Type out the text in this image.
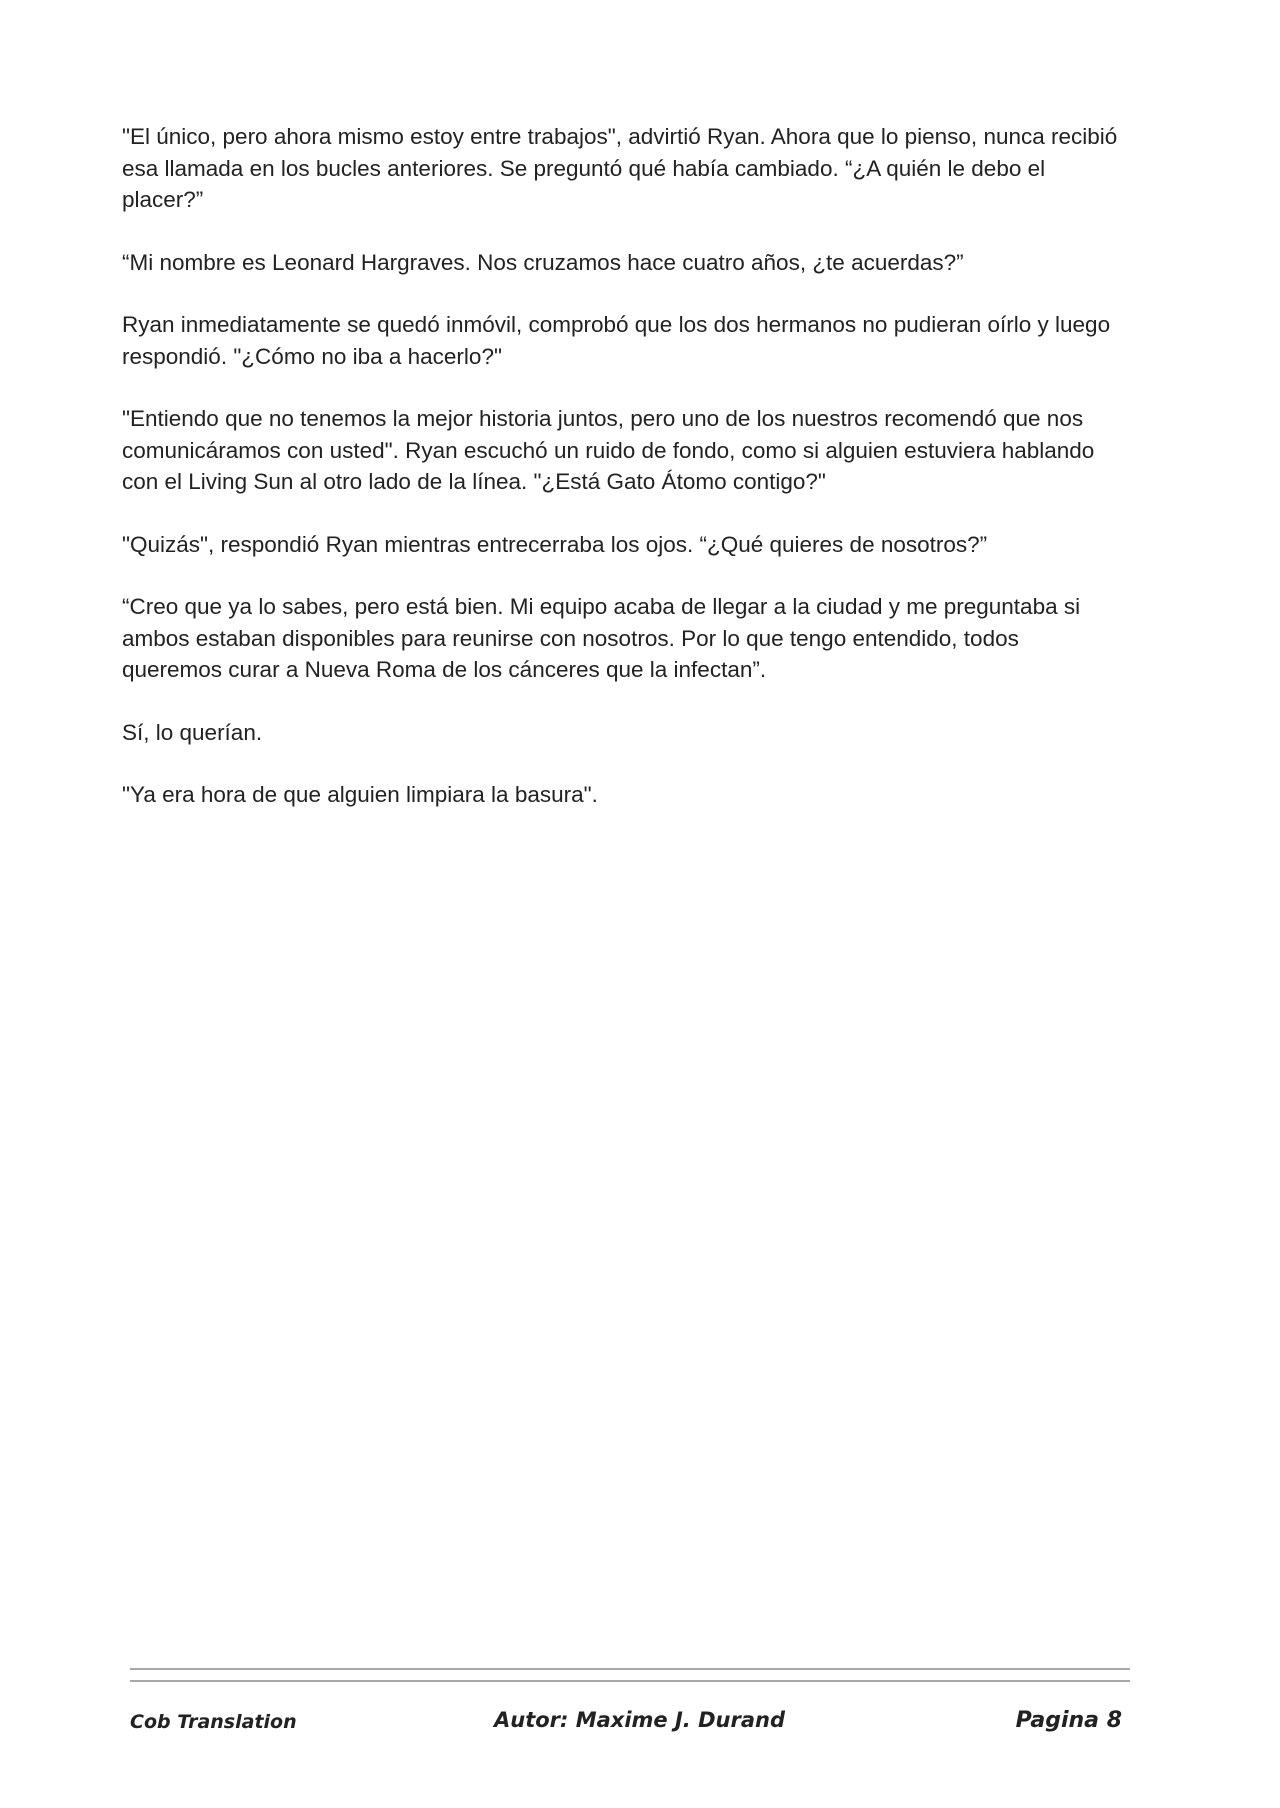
"El único, pero ahora mismo estoy entre trabajos", advirtió Ryan. Ahora que lo pienso, nunca recibió esa llamada en los bucles anteriores. Se preguntó qué había cambiado. “¿A quién le debo el placer?”

“Mi nombre es Leonard Hargraves. Nos cruzamos hace cuatro años, ¿te acuerdas?”

Ryan inmediatamente se quedó inmóvil, comprobó que los dos hermanos no pudieran oírlo y luego respondió. "¿Cómo no iba a hacerlo?"

"Entiendo que no tenemos la mejor historia juntos, pero uno de los nuestros recomendó que nos comunicáramos con usted". Ryan escuchó un ruido de fondo, como si alguien estuviera hablando con el Living Sun al otro lado de la línea. "¿Está Gato Átomo contigo?"

"Quizás", respondió Ryan mientras entrecerraba los ojos. “¿Qué quieres de nosotros?”

“Creo que ya lo sabes, pero está bien. Mi equipo acaba de llegar a la ciudad y me preguntaba si ambos estaban disponibles para reunirse con nosotros. Por lo que tengo entendido, todos queremos curar a Nueva Roma de los cánceres que la infectan”.

Sí, lo querían.

"Ya era hora de que alguien limpiara la basura".

Cob Translation	Autor: Maxime J. Durand	Pagina 8
